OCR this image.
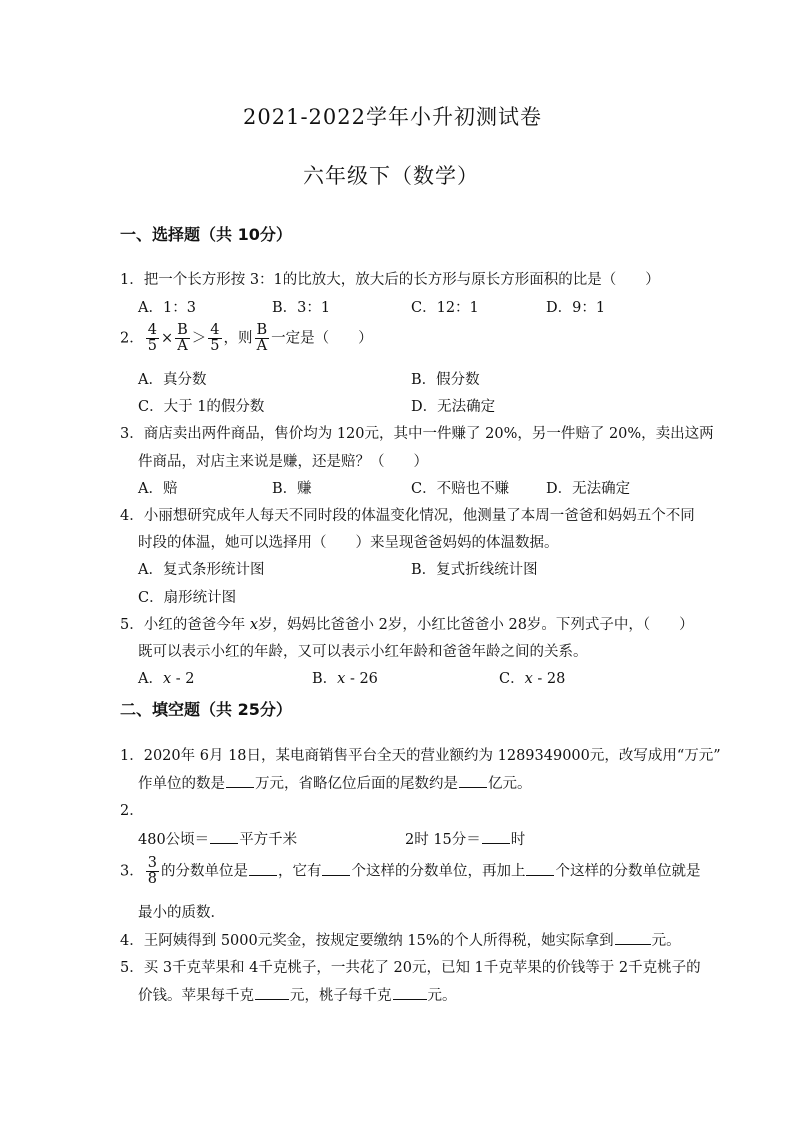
2021-2022学年小升初测试卷
六年级下（数学）
一、选择题（共 10分）
1．把一个长方形按 3：1的比放大，放大后的长方形与原长方形面积的比是（　　）
A．1：3	B．3：1	C．12：1	D．9：1
2． $\frac{4}{5} \times \frac{B}{A} > \frac{4}{5}$ ，则 $\frac{B}{A}$ 一定是（　　）
A．真分数	B．假分数
C．大于 1的假分数	D．无法确定
3．商店卖出两件商品，售价均为 120元，其中一件赚了 20%，另一件赔了 20%，卖出这两
件商品，对店主来说是赚，还是赔？（　　）
A．赔	B．赚	C．不赔也不赚	D．无法确定
4．小丽想研究成年人每天不同时段的体温变化情况，他测量了本周一爸爸和妈妈五个不同
时段的体温，她可以选择用（　　）来呈现爸爸妈妈的体温数据。
A．复式条形统计图	B．复式折线统计图
C．扇形统计图
5．小红的爸爸今年 x岁，妈妈比爸爸小 2岁，小红比爸爸小 28岁。下列式子中，（　　）
既可以表示小红的年龄，又可以表示小红年龄和爸爸年龄之间的关系。
A．x - 2	B．x - 26	C．x - 28
二、填空题（共 25分）
1．2020年 6月 18日，某电商销售平台全天的营业额约为 1289349000元，改写成用“万元”
作单位的数是 万元，省略亿位后面的尾数约是 亿元。
2．
480公顷＝ 平方千米	2时 15分＝ 时
3． $\frac{3}{8}$ 的分数单位是 ，它有 个这样的分数单位，再加上 个这样的分数单位就是
最小的质数．
4．王阿姨得到 5000元奖金，按规定要缴纳 15%的个人所得税，她实际拿到	元。
5．买 3千克苹果和 4千克桃子，一共花了 20元，已知 1千克苹果的价钱等于 2千克桃子的
价钱。苹果每千克 元，桃子每千克 元。
